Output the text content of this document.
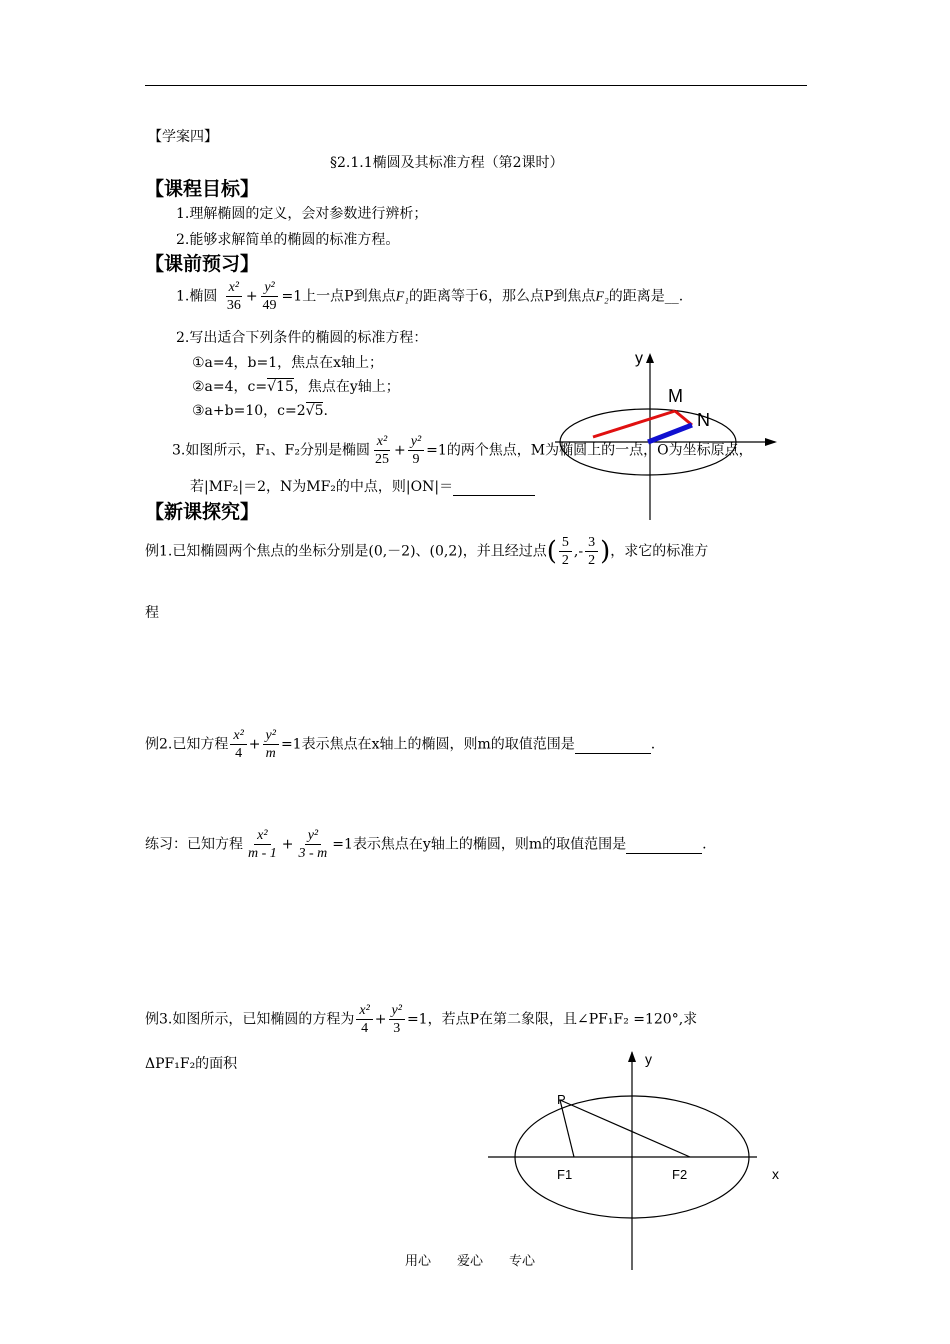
【学案四】
§2.1.1椭圆及其标准方程（第2课时）
【课程目标】
1.理解椭圆的定义，会对参数进行辨析；
2.能够求解简单的椭圆的标准方程。
【课前预习】
1.椭圆 $\frac{\text{x²}}{36} + \frac{\text{y²}}{49} =1$上一点P到焦点F₁的距离等于6，那么点P到焦点F₂的距离是__.
2.写出适合下列条件的椭圆的标准方程：
①a=4，b=1，焦点在x轴上；
②a=4，c=√15，焦点在y轴上；
③a+b=10，c=2√5.
y
M
N
3.如图所示，F₁、F₂分别是椭圆 $\frac{\text{x²}}{25} + \frac{\text{y²}}{9} =1$的两个焦点，M为椭圆上的一点，O为坐标原点，
若|MF₂|＝2，N为MF₂的中点，则|ON|＝
【新课探究】
例1.已知椭圆两个焦点的坐标分别是(0,－2)、(0,2)，并且经过点( $\frac{5}{2}$ ,- $\frac{3}{2}$ )，求它的标准方
程
例2.已知方程 $\frac{\text{x²}}{4} + \frac{\text{y²}}{m} =1$表示焦点在x轴上的椭圆，则m的取值范围是	.
练习：已知方程 $\frac{\text{x²}}{m - 1} + \frac{\text{y²}}{3 - m} =1$表示焦点在y轴上的椭圆，则m的取值范围是	.
例3.如图所示，已知椭圆的方程为 $\frac{\text{x²}}{4} + \frac{\text{y²}}{3} =1$，若点P在第二象限，且∠PF₁F₂ =120°,求
ΔPF₁F₂的面积	y
x
P
F1	F2
用心　　爱心　　专心
